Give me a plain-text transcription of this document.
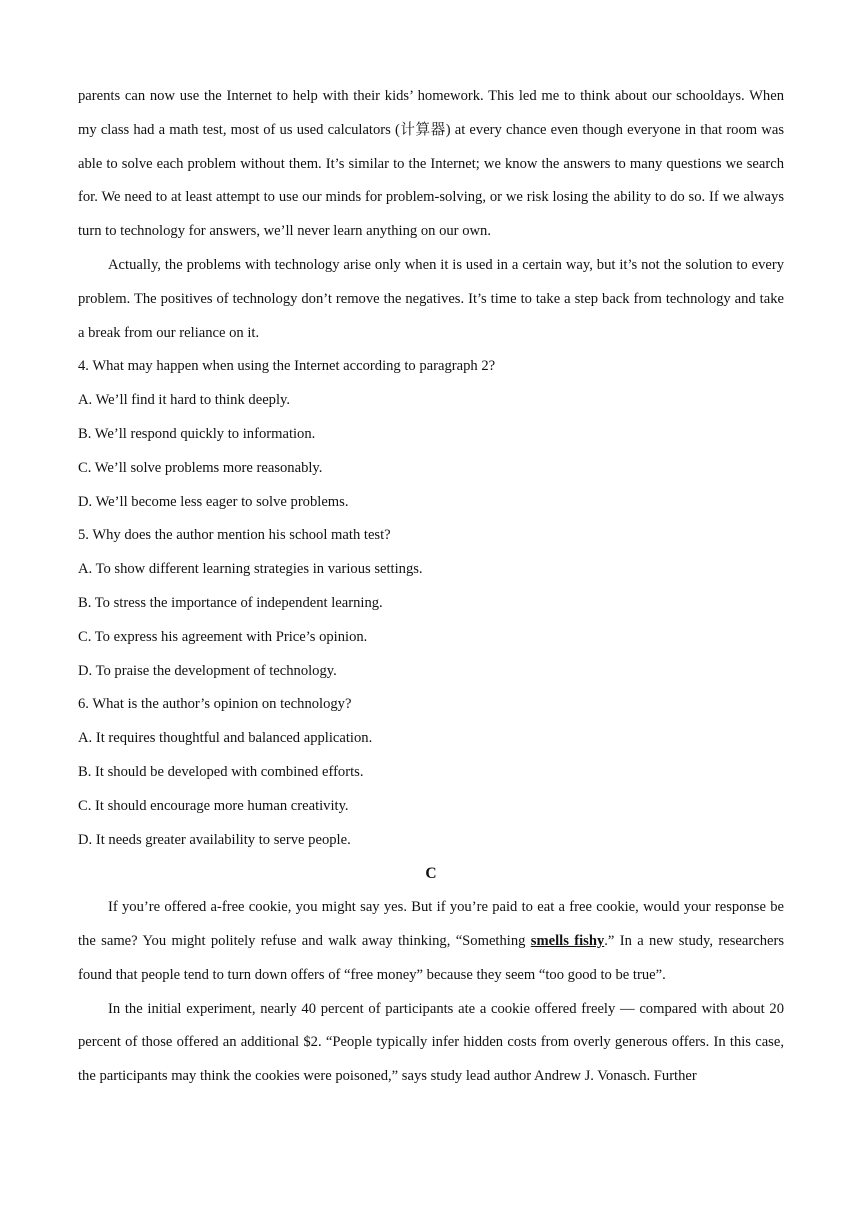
parents can now use the Internet to help with their kids’ homework. This led me to think about our schooldays. When my class had a math test, most of us used calculators (计算器) at every chance even though everyone in that room was able to solve each problem without them. It’s similar to the Internet; we know the answers to many questions we search for. We need to at least attempt to use our minds for problem-solving, or we risk losing the ability to do so. If we always turn to technology for answers, we’ll never learn anything on our own.

Actually, the problems with technology arise only when it is used in a certain way, but it’s not the solution to every problem. The positives of technology don’t remove the negatives. It’s time to take a step back from technology and take a break from our reliance on it.

4. What may happen when using the Internet according to paragraph 2?

A. We’ll find it hard to think deeply.

B. We’ll respond quickly to information.

C. We’ll solve problems more reasonably.

D. We’ll become less eager to solve problems.

5. Why does the author mention his school math test?

A. To show different learning strategies in various settings.

B. To stress the importance of independent learning.

C. To express his agreement with Price’s opinion.

D. To praise the development of technology.

6. What is the author’s opinion on technology?

A. It requires thoughtful and balanced application.

B. It should be developed with combined efforts.

C. It should encourage more human creativity.

D. It needs greater availability to serve people.

C

If you’re offered a-free cookie, you might say yes. But if you’re paid to eat a free cookie, would your response be the same? You might politely refuse and walk away thinking, “Something smells fishy.” In a new study, researchers found that people tend to turn down offers of “free money” because they seem “too good to be true”.

In the initial experiment, nearly 40 percent of participants ate a cookie offered freely — compared with about 20 percent of those offered an additional $2. “People typically infer hidden costs from overly generous offers. In this case, the participants may think the cookies were poisoned,” says study lead author Andrew J. Vonasch. Further
